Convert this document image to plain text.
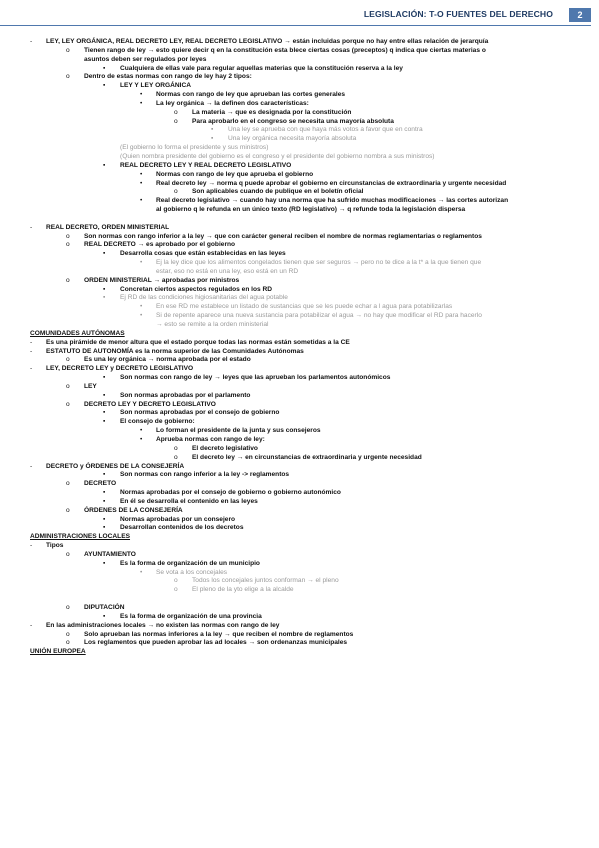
LEGISLACIÓN: T-O FUENTES DEL DERECHO	2
- LEY, LEY ORGÁNICA, REAL DECRETO LEY, REAL DECRETO LEGISLATIVO → están incluidas porque no hay entre ellas relación de jerarquía
o Tienen rango de ley → esto quiere decir q en la constitución esta blece ciertas cosas (preceptos) q indica que ciertas materias o
asuntos deben ser regulados por leyes
▪ Cualquiera de ellas vale para regular aquellas materias que la constitución reserva a la ley
o Dentro de estas normas con rango de ley hay 2 tipos:
▪ LEY Y LEY ORGÁNICA
• Normas con rango de ley que aprueban las cortes generales
• La ley orgánica → la definen dos características:
o La materia → que es designada por la constitución
o Para aprobarlo en el congreso se necesita una mayoría absoluta
▪ Una ley se aprueba con que haya más votos a favor que en contra
▪ Una ley orgánica necesita mayoría absoluta
(El gobierno lo forma el presidente y sus ministros)
(Quien nombra presidente del gobierno es el congreso y el presidente del gobierno nombra a sus ministros)
▪ REAL DECRETO LEY Y REAL DECRETO LEGISLATIVO
• Normas con rango de ley que aprueba el gobierno
• Real decreto ley → norma q puede aprobar el gobierno en circunstancias de extraordinaria y urgente necesidad
o Son aplicables cuando de publique en el boletín oficial
• Real decreto legislativo → cuando hay una norma que ha sufrido muchas modificaciones → las cortes autorizan
al gobierno q le refunda en un único texto (RD legislativo) → q refunde toda la legislación dispersa
- REAL DECRETO, ORDEN MINISTERIAL
o Son normas con rango inferior a la ley → que con carácter general reciben el nombre de normas reglamentarias o reglamentos
o REAL DECRETO → es aprobado por el gobierno
▪ Desarrolla cosas que están establecidas en las leyes
• Ej la ley dice que los alimentos congelados tienen que ser seguros → pero no te dice a la t* a la que tienen que
estar, eso no está en una ley, eso está en un RD
o ORDEN MINISTERIAL → aprobadas por ministros
▪ Concretan ciertos aspectos regulados en los RD
▪ Ej RD de las condiciones higiosanitarias del agua potable
• En ese RD me establece un listado de sustancias que se les puede echar a l agua para potabilizarlas
• Si de repente aparece una nueva sustancia para potabilizar el agua → no hay que modificar el RD para hacerlo
→ esto se remite a la orden ministerial
COMUNIDADES AUTÓNOMAS
- Es una pirámide de menor altura que el estado porque todas las normas están sometidas a la CE
- ESTATUTO DE AUTONOMÍA es la norma superior de las Comunidades Autónomas
o Es una ley orgánica → norma aprobada por el estado
- LEY, DECRETO LEY y DECRETO LEGISLATIVO
▪ Son normas con rango de ley → leyes que las aprueban los parlamentos autonómicos
o LEY
▪ Son normas aprobadas por el parlamento
o DECRETO LEY Y DECRETO LEGISLATIVO
▪ Son normas aprobadas por el consejo de gobierno
▪ El consejo de gobierno:
• Lo forman el presidente de la junta y sus consejeros
• Aprueba normas con rango de ley:
o El decreto legislativo
o El decreto ley → en circunstancias de extraordinaria y urgente necesidad
- DECRETO y ÓRDENES DE LA CONSEJERÍA
▪ Son normas con rango inferior a la ley -> reglamentos
o DECRETO
▪ Normas aprobadas por el consejo de gobierno o gobierno autonómico
▪ En él se desarrolla el contenido en las leyes
o ÓRDENES DE LA CONSEJERÍA
▪ Normas aprobadas por un consejero
▪ Desarrollan contenidos de los decretos
ADMINISTRACIONES LOCALES
- Tipos
o AYUNTAMIENTO
▪ Es la forma de organización de un municipio
• Se vota a los concejales
o Todos los concejales juntos conforman → el pleno
o El pleno de la yto elige a la alcalde
o DIPUTACIÓN
▪ Es la forma de organización de una provincia
- En las administraciones locales → no existen las normas con rango de ley
o Solo aprueban las normas inferiores a la ley → que reciben el nombre de reglamentos
o Los reglamentos que pueden aprobar las ad locales → son ordenanzas municipales
UNIÓN EUROPEA
